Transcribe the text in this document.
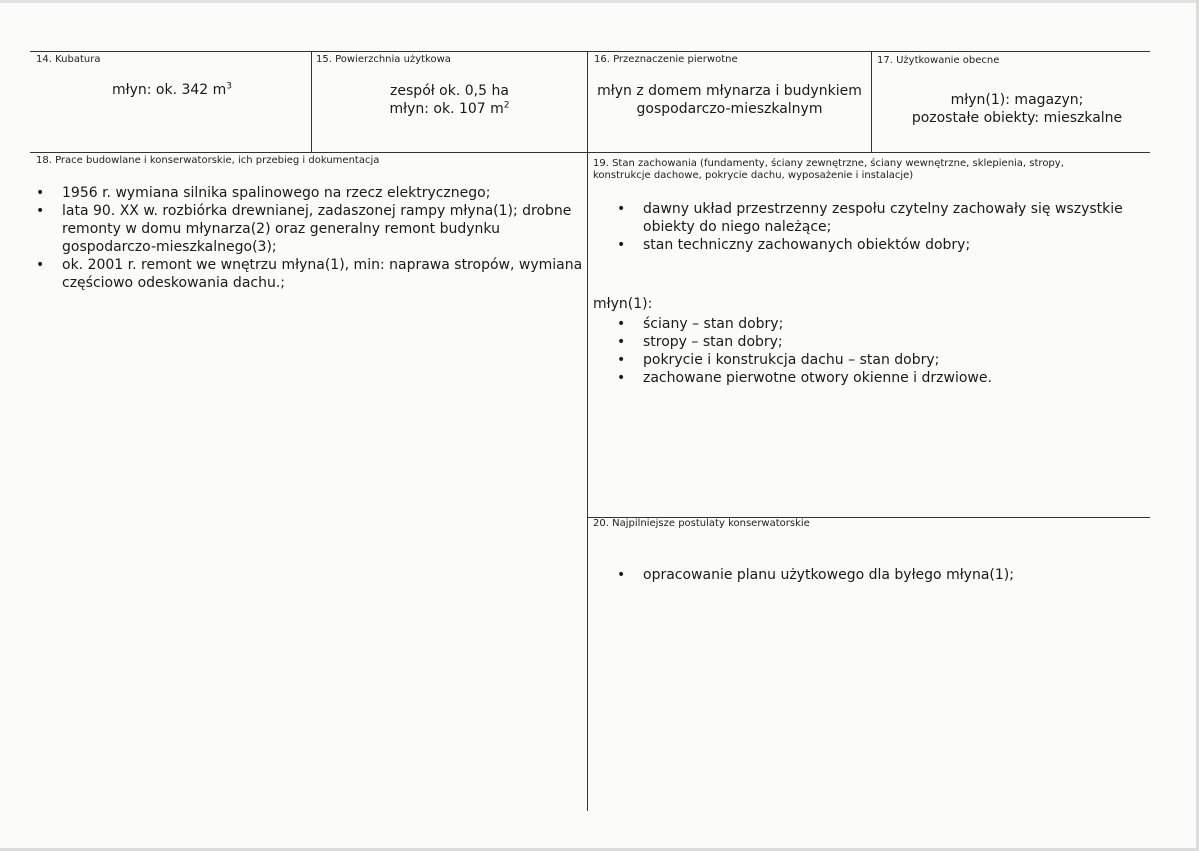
14. Kubatura
młyn: ok. 342 $m^3$
15. Powierzchnia użytkowa
zespół ok. 0,5 ha
młyn: ok. 107 $m^2$
16. Przeznaczenie pierwotne
młyn z domem młynarza i budynkiem
gospodarczo-mieszkalnym
17. Użytkowanie obecne
młyn(1): magazyn;
pozostałe obiekty: mieszkalne
18. Prace budowlane i konserwatorskie, ich przebieg i dokumentacja
• 1956 r. wymiana silnika spalinowego na rzecz elektrycznego;
• lata 90. XX w. rozbiórka drewnianej, zadaszonej rampy młyna(1); drobne remonty w domu młynarza(2) oraz generalny remont budynku gospodarczo-mieszkalnego(3);
• ok. 2001 r. remont we wnętrzu młyna(1), min: naprawa stropów, wymiana częściowo odeskowania dachu.;
19. Stan zachowania (fundamenty, ściany zewnętrzne, ściany wewnętrzne, sklepienia, stropy,
konstrukcje dachowe, pokrycie dachu, wyposażenie i instalacje)
• dawny układ przestrzenny zespołu czytelny zachowały się wszystkie obiekty do niego należące;
• stan techniczny zachowanych obiektów dobry;
młyn(1):
• ściany – stan dobry;
• stropy – stan dobry;
• pokrycie i konstrukcja dachu – stan dobry;
• zachowane pierwotne otwory okienne i drzwiowe.
20. Najpilniejsze postulaty konserwatorskie
• opracowanie planu użytkowego dla byłego młyna(1);
